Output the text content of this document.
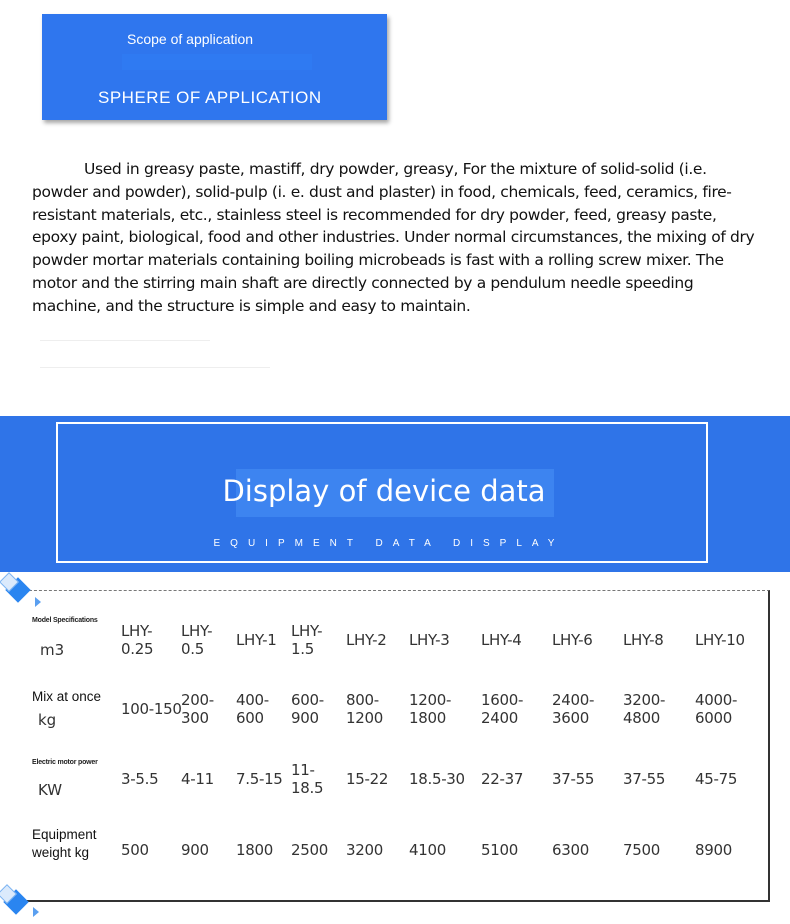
Scope of application
SPHERE OF APPLICATION

Used in greasy paste, mastiff, dry powder, greasy, For the mixture of solid-solid (i.e. powder and powder), solid-pulp (i. e. dust and plaster) in food, chemicals, feed, ceramics, fire-resistant materials, etc., stainless steel is recommended for dry powder, feed, greasy paste, epoxy paint, biological, food and other industries. Under normal circumstances, the mixing of dry powder mortar materials containing boiling microbeads is fast with a rolling screw mixer. The motor and the stirring main shaft are directly connected by a pendulum needle speeding machine, and the structure is simple and easy to maintain.

Display of device data
EQUIPMENT DATA DISPLAY
Model Specifications
m3
Mix at once
kg
Electric motor power
KW
Equipment
weight kg
LHY-
0.25
LHY-
0.5	LHY-1 LHY-
1.5	LHY-2 LHY-3 LHY-4 LHY-6 LHY-8 LHY-10
100-150 200-
300
400-
600
600-
900
800-
1200
1200-
1800
1600-
2400
2400-
3600
3200-
4800
4000-
6000
3-5.5 4-11 7.5-15 11-
18.5 15-22 18.5-30 22-37 37-55 37-55 45-75
500 900 1800 2500 3200 4100 5100 6300 7500 8900
